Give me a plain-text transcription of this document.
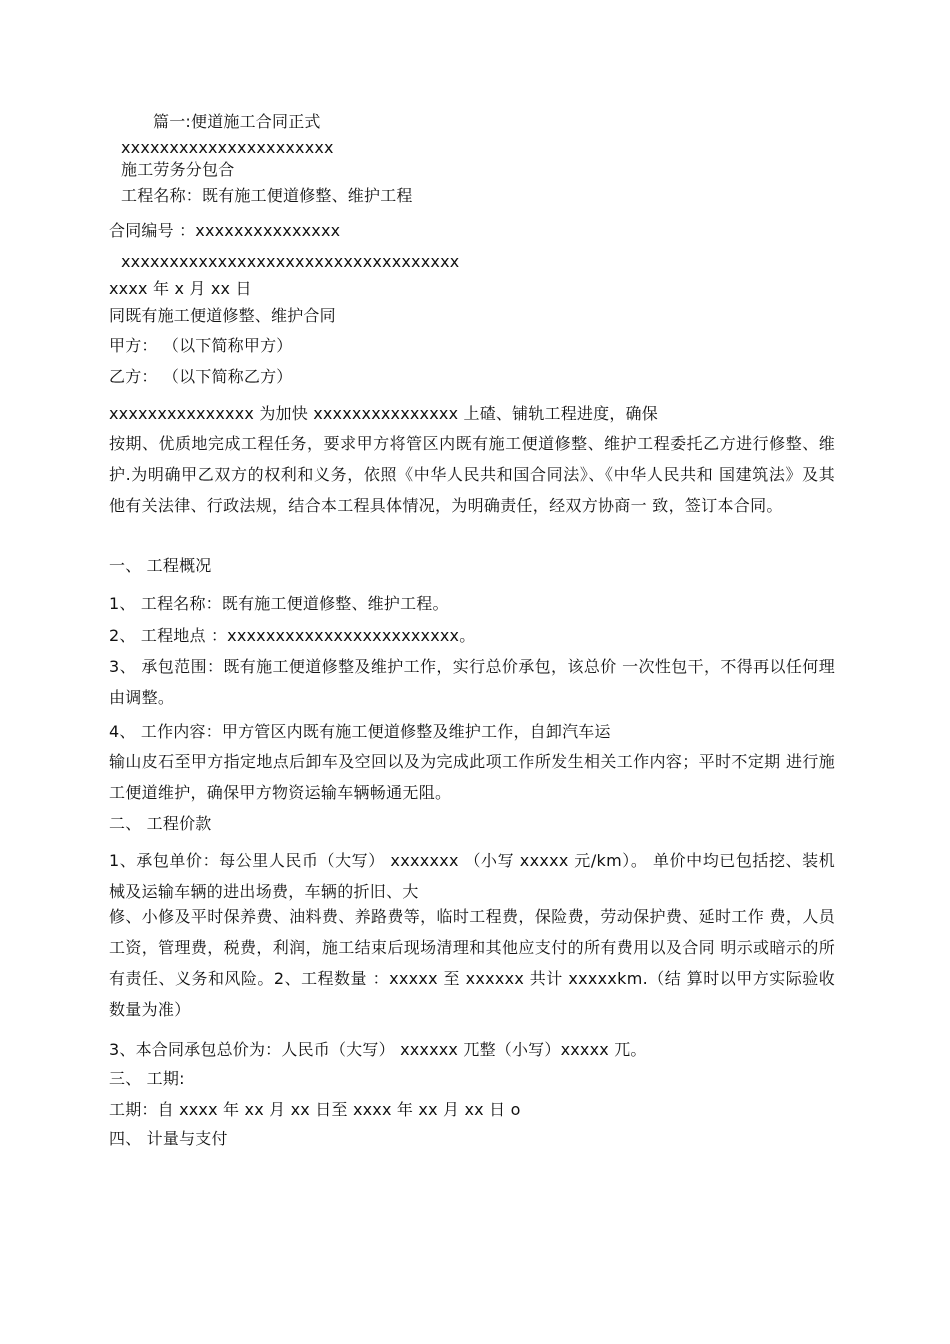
篇一:便道施工合同正式
xxxxxxxxxxxxxxxxxxxxxx
施工劳务分包合
工程名称：既有施工便道修整、维护工程
合同编号 ：xxxxxxxxxxxxxxx
xxxxxxxxxxxxxxxxxxxxxxxxxxxxxxxxxxx
xxxx 年 x 月 xx 日
同既有施工便道修整、维护合同
甲方： （以下简称甲方）
乙方： （以下简称乙方）
xxxxxxxxxxxxxxx 为加快 xxxxxxxxxxxxxxx 上碴、铺轨工程进度，确保
按期、优质地完成工程任务，要求甲方将管区内既有施工便道修整、维护工程委托乙方进行修整、维护.为明确甲乙双方的权利和义务，依照《中华人民共和国合同法》、《中华人民共和 国建筑法》及其他有关法律、行政法规，结合本工程具体情况，为明确责任，经双方协商一 致，签订本合同。
一、 工程概况
1、 工程名称：既有施工便道修整、维护工程。
2、 工程地点 ：xxxxxxxxxxxxxxxxxxxxxxxx。
3、 承包范围：既有施工便道修整及维护工作，实行总价承包，该总价 一次性包干，不得再以任何理由调整。
4、 工作内容：甲方管区内既有施工便道修整及维护工作，自卸汽车运
输山皮石至甲方指定地点后卸车及空回以及为完成此项工作所发生相关工作内容；平时不定期 进行施工便道维护，确保甲方物资运输车辆畅通无阻。
二、 工程价款
1、承包单价：每公里人民币（大写） xxxxxxx （小写 xxxxx 元/km）。 单价中均已包括挖、装机械及运输车辆的进出场费，车辆的折旧、大
修、小修及平时保养费、油料费、养路费等，临时工程费，保险费，劳动保护费、延时工作 费，人员工资，管理费，税费，利润，施工结束后现场清理和其他应支付的所有费用以及合同 明示或暗示的所有责任、义务和风险。2、工程数量 ：xxxxx 至 xxxxxx 共计 xxxxxkm.（结 算时以甲方实际验收数量为准）
3、本合同承包总价为：人民币（大写） xxxxxx 兀整（小写）xxxxx 兀。
三、 工期:
工期：自 xxxx 年 xx 月 xx 日至 xxxx 年 xx 月 xx 日 o
四、 计量与支付
